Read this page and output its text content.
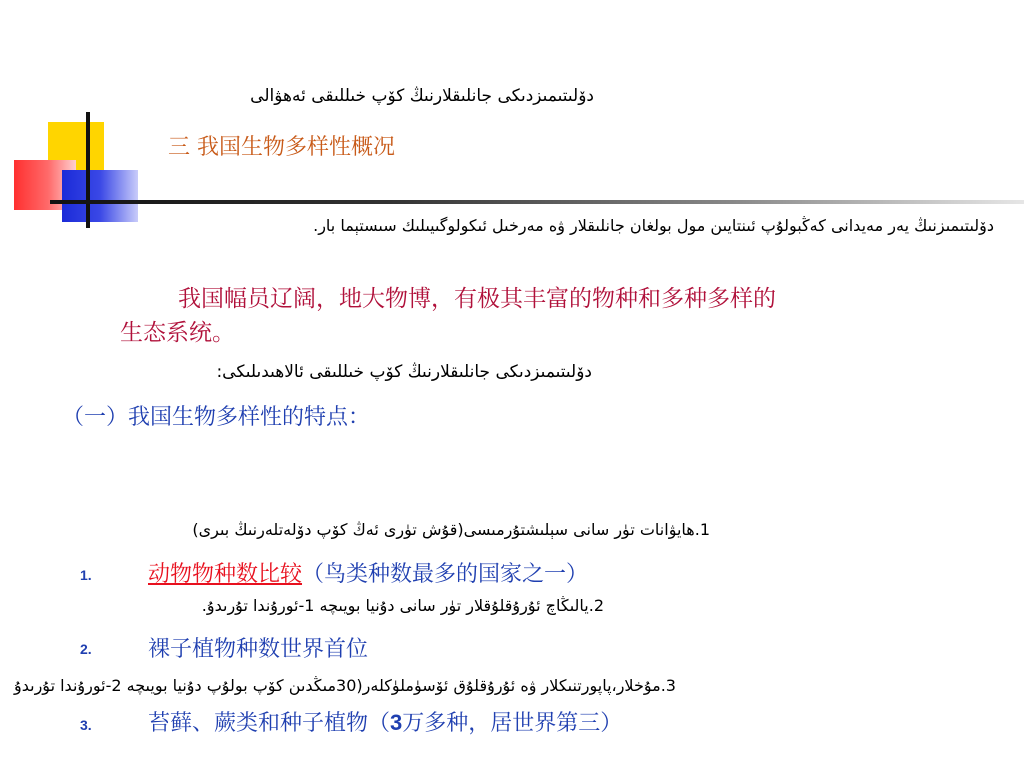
دۆلىتىمىزدىكى جانلىقلارنىڭ كۆپ خىللىقى ئەھۋالى
三 我国生物多样性概况
دۆلىتىمىزنىڭ يەر مەيدانى كەڭبولۇپ ئىنتايىن مول بولغان جانلىقلار ۋە مەرخىل ئىكولوگىيىلىك سىستېما بار.
我国幅员辽阔，地大物博，有极其丰富的物种和多种多样的
生态系统。
دۆلىتىمىزدىكى جانلىقلارنىڭ كۆپ خىللىقى ئالاھىدىلىكى:
（一）我国生物多样性的特点：
1.ھايۋانات تۈر سانى سېلىشتۇرمىسى(قۇش تۈرى ئەڭ كۆپ دۆلەتلەرنىڭ بىرى)
1.	动物物种数比较（鸟类种数最多的国家之一）
2.يالىڭاچ ئۇرۇقلۇقلار تۈر سانى دۇنيا بويىچە 1-ئورۇندا تۇرىدۇ.
2.	裸子植物种数世界首位
3.مۇخلار،پاپورتنىكلار ۋە ئۇرۇقلۇق ئۆسۈملۈكلەر(30مىڭدىن كۆپ بولۇپ دۇنيا بويىچە 2-ئورۇندا تۇرىدۇ
3.	苔藓、蕨类和种子植物（3万多种，居世界第三）
